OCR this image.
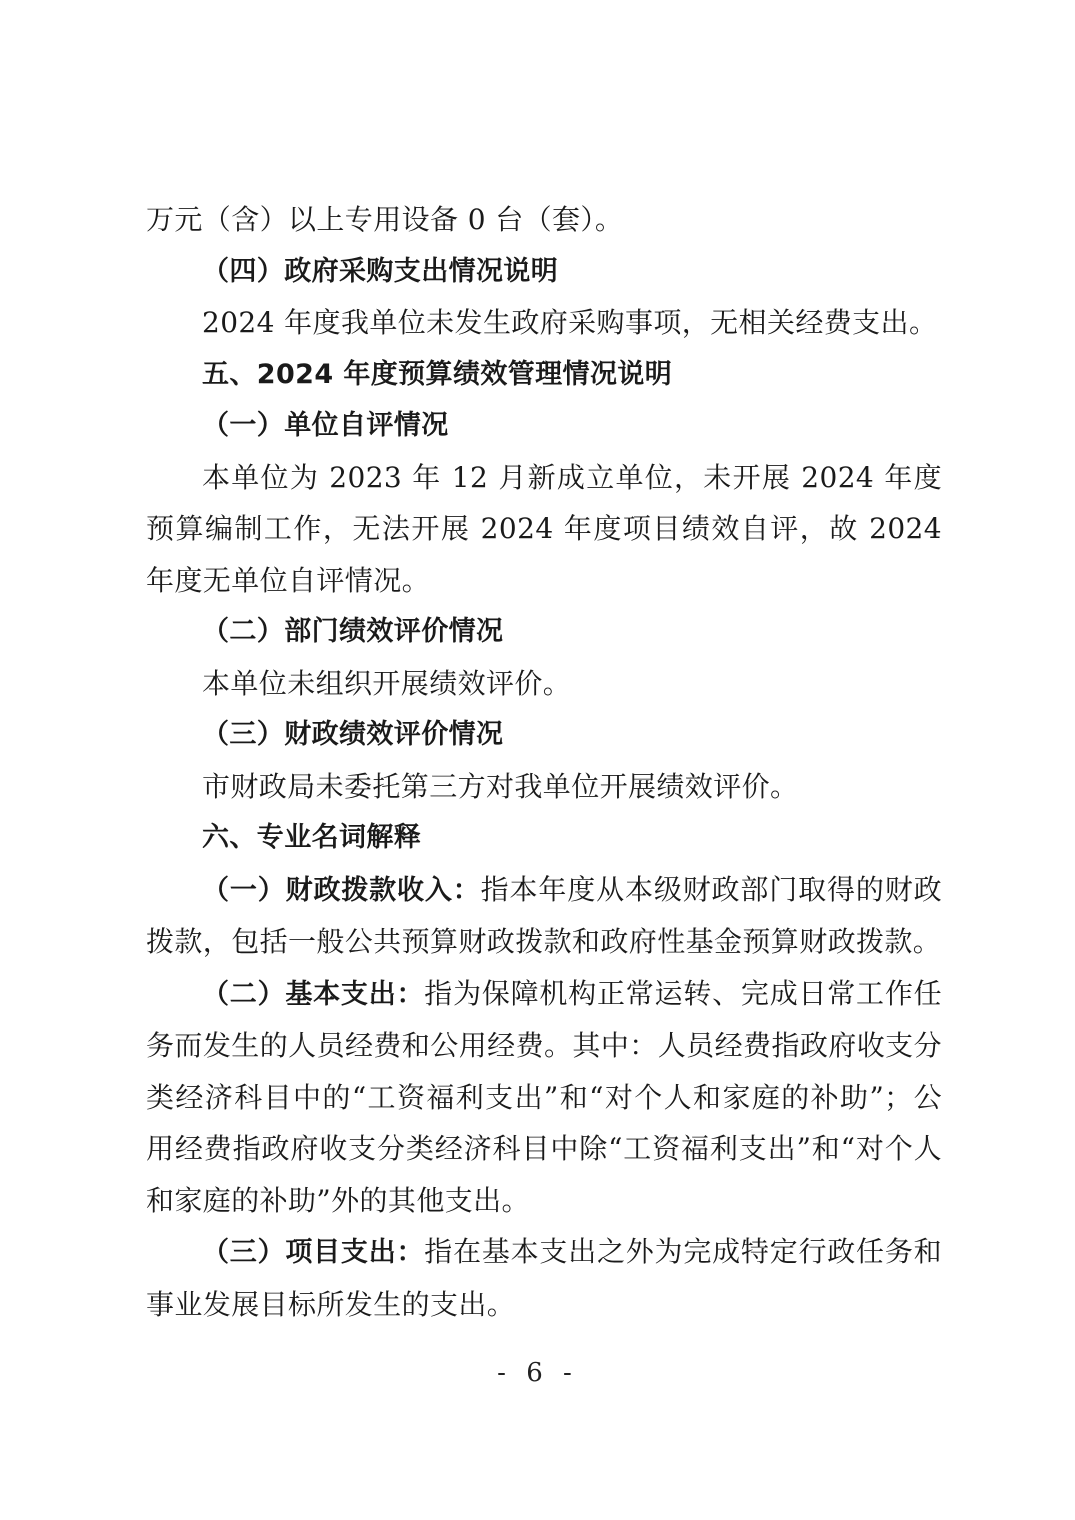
万元（含）以上专用设备 0 台（套）。

（四）政府采购支出情况说明

2024 年度我单位未发生政府采购事项，无相关经费支出。

五、2024 年度预算绩效管理情况说明

（一）单位自评情况

本单位为 2023 年 12 月新成立单位，未开展 2024 年度预算编制工作，无法开展 2024 年度项目绩效自评，故 2024 年度无单位自评情况。

（二）部门绩效评价情况

本单位未组织开展绩效评价。

（三）财政绩效评价情况

市财政局未委托第三方对我单位开展绩效评价。

六、专业名词解释

（一）财政拨款收入：指本年度从本级财政部门取得的财政拨款，包括一般公共预算财政拨款和政府性基金预算财政拨款。

（二）基本支出：指为保障机构正常运转、完成日常工作任务而发生的人员经费和公用经费。其中：人员经费指政府收支分类经济科目中的“工资福利支出”和“对个人和家庭的补助”；公用经费指政府收支分类经济科目中除“工资福利支出”和“对个人和家庭的补助”外的其他支出。

（三）项目支出：指在基本支出之外为完成特定行政任务和事业发展目标所发生的支出。

- 6 -
